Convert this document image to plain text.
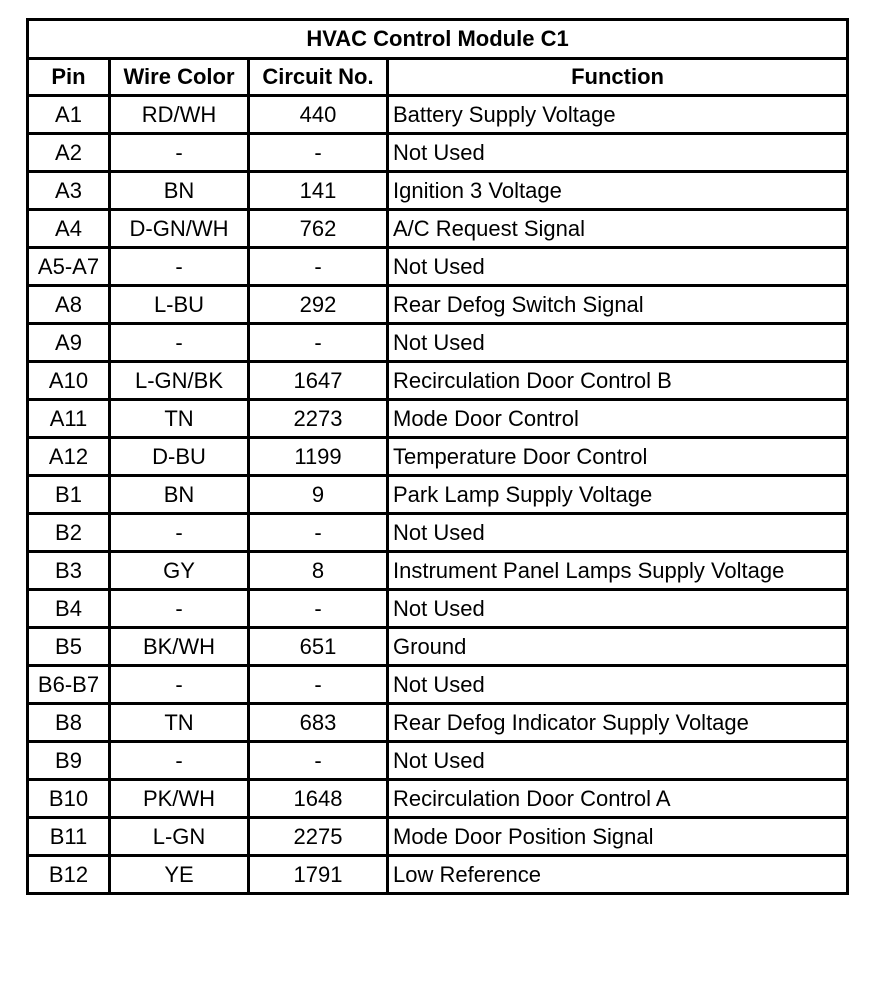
HVAC Control Module C1			
Pin	Wire Color	Circuit No.	Function
A1	RD/WH	440	Battery Supply Voltage
A2	-	-	Not Used
A3	BN	141	Ignition 3 Voltage
A4	D-GN/WH	762	A/C Request Signal
A5-A7	-	-	Not Used
A8	L-BU	292	Rear Defog Switch Signal
A9	-	-	Not Used
A10	L-GN/BK	1647	Recirculation Door Control B
A11	TN	2273	Mode Door Control
A12	D-BU	1199	Temperature Door Control
B1	BN	9	Park Lamp Supply Voltage
B2	-	-	Not Used
B3	GY	8	Instrument Panel Lamps Supply Voltage
B4	-	-	Not Used
B5	BK/WH	651	Ground
B6-B7	-	-	Not Used
B8	TN	683	Rear Defog Indicator Supply Voltage
B9	-	-	Not Used
B10	PK/WH	1648	Recirculation Door Control A
B11	L-GN	2275	Mode Door Position Signal
B12	YE	1791	Low Reference
